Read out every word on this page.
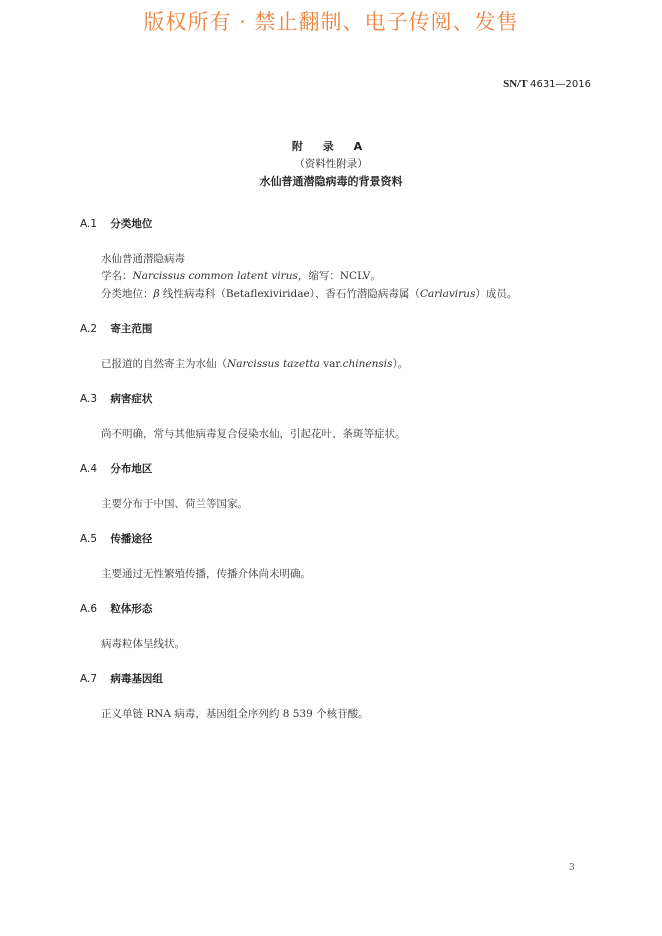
版权所有 · 禁止翻制、电子传阅、发售
SN/T 4631—2016
附 录 A
（资料性附录）
水仙普通潜隐病毒的背景资料
A.1 分类地位
水仙普通潜隐病毒
学名：Narcissus common latent virus，缩写：NCLV。
分类地位：β 线性病毒科（Betaflexiviridae）、香石竹潜隐病毒属（Carlavirus）成员。
A.2 寄主范围
已报道的自然寄主为水仙（Narcissus tazetta var.chinensis）。
A.3 病害症状
尚不明确，常与其他病毒复合侵染水仙，引起花叶、条斑等症状。
A.4 分布地区
主要分布于中国、荷兰等国家。
A.5 传播途径
主要通过无性繁殖传播，传播介体尚未明确。
A.6 粒体形态
病毒粒体呈线状。
A.7 病毒基因组
正义单链 RNA 病毒，基因组全序列约 8 539 个核苷酸。
3
